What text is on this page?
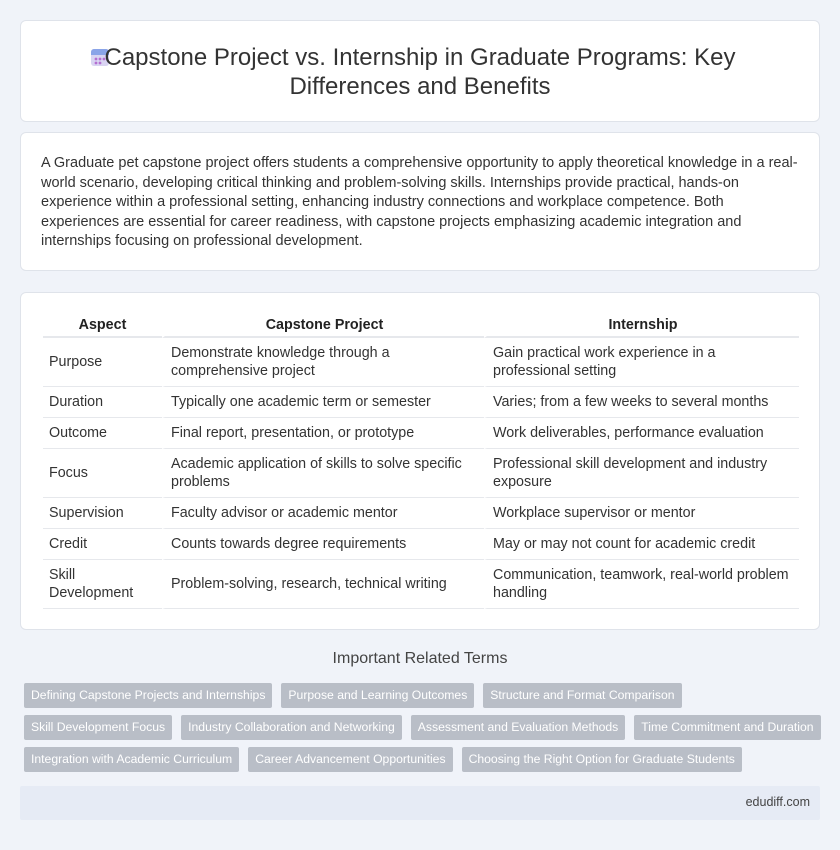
Capstone Project vs. Internship in Graduate Programs: Key
Differences and Benefits

A Graduate pet capstone project offers students a comprehensive opportunity to apply theoretical knowledge in a real-world scenario, developing critical thinking and problem-solving skills. Internships provide practical, hands-on experience within a professional setting, enhancing industry connections and workplace competence. Both experiences are essential for career readiness, with capstone projects emphasizing academic integration and internships focusing on professional development.

Aspect	Capstone Project	Internship
Purpose	Demonstrate knowledge through a comprehensive project	Gain practical work experience in a professional setting
Duration	Typically one academic term or semester	Varies; from a few weeks to several months
Outcome	Final report, presentation, or prototype	Work deliverables, performance evaluation
Focus	Academic application of skills to solve specific problems	Professional skill development and industry exposure
Supervision	Faculty advisor or academic mentor	Workplace supervisor or mentor
Credit	Counts towards degree requirements	May or may not count for academic credit
Skill Development	Problem-solving, research, technical writing	Communication, teamwork, real-world problem handling
Important Related Terms
Defining Capstone Projects and Internships	Purpose and Learning Outcomes	Structure and Format Comparison
Skill Development Focus	Industry Collaboration and Networking	Assessment and Evaluation Methods	Time Commitment and Duration
Integration with Academic Curriculum	Career Advancement Opportunities	Choosing the Right Option for Graduate Students
edudiff.com
